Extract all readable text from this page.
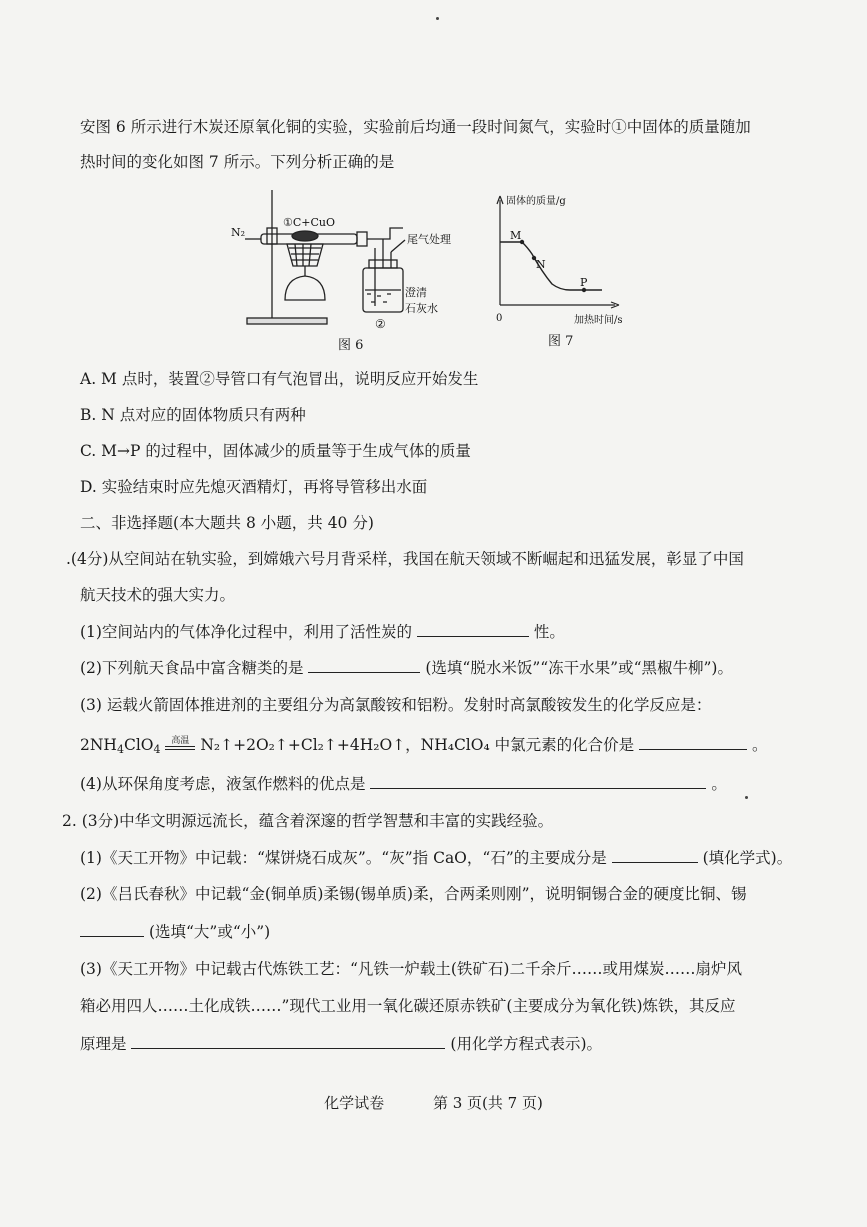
安图 6 所示进行木炭还原氧化铜的实验，实验前后均通一段时间氮气，实验时①中固体的质量随加
热时间的变化如图 7 所示。下列分析正确的是
①C+CuO
N₂
尾气处理
澄清
石灰水
②
图 6
M
N
P
固体的质量/g
加热时间/s
0
图 7
A. M 点时，装置②导管口有气泡冒出，说明反应开始发生
B. N 点对应的固体物质只有两种
C. M→P 的过程中，固体减少的质量等于生成气体的质量
D. 实验结束时应先熄灭酒精灯，再将导管移出水面
二、非选择题(本大题共 8 小题，共 40 分)
.(4分)从空间站在轨实验，到嫦娥六号月背采样，我国在航天领域不断崛起和迅猛发展，彰显了中国
航天技术的强大实力。
(1)空间站内的气体净化过程中，利用了活性炭的	性。
(2)下列航天食品中富含糖类的是	(选填“脱水米饭”“冻干水果”或“黑椒牛柳”)。
(3) 运载火箭固体推进剂的主要组分为高氯酸铵和铝粉。发射时高氯酸铵发生的化学反应是：
$2NH_4ClO_4$
高温 N₂↑+2O₂↑+Cl₂↑+4H₂O↑，NH₄ClO₄ 中氯元素的化合价是	。
(4)从环保角度考虑，液氢作燃料的优点是	。
2. (3分)中华文明源远流长，蕴含着深邃的哲学智慧和丰富的实践经验。
(1)《天工开物》中记载：“煤饼烧石成灰”。“灰”指 CaO，“石”的主要成分是	(填化学式)。
(2)《吕氏春秋》中记载“金(铜单质)柔锡(锡单质)柔，合两柔则刚”，说明铜锡合金的硬度比铜、锡
(选填“大”或“小”)
(3)《天工开物》中记载古代炼铁工艺：“凡铁一炉载土(铁矿石)二千余斤……或用煤炭……扇炉风
箱必用四人……土化成铁……”现代工业用一氧化碳还原赤铁矿(主要成分为氧化铁)炼铁，其反应
原理是	(用化学方程式表示)。
化学试卷	第 3 页(共 7 页)
